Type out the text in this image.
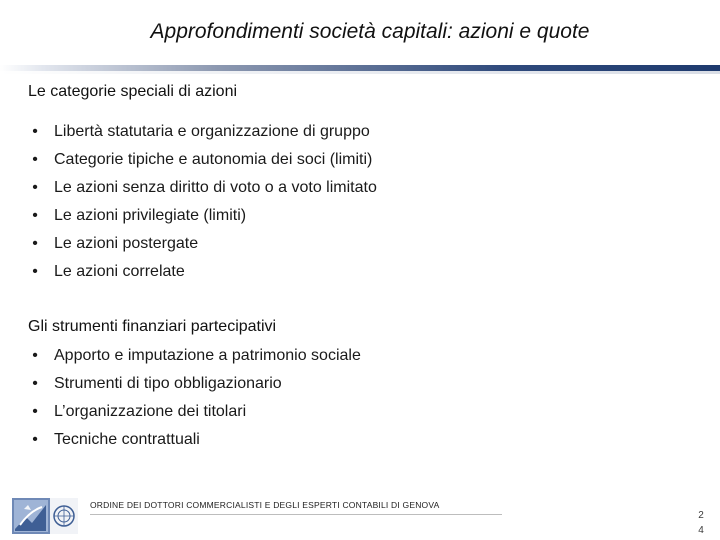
Approfondimenti società capitali: azioni e quote
Le categorie speciali di azioni
• Libertà statutaria e organizzazione di gruppo
• Categorie tipiche e autonomia dei soci (limiti)
• Le azioni senza diritto di voto o a voto limitato
• Le azioni privilegiate (limiti)
• Le azioni postergate
• Le azioni correlate
Gli strumenti finanziari partecipativi
• Apporto e imputazione a patrimonio sociale
• Strumenti di tipo obbligazionario
• L’organizzazione dei titolari
• Tecniche contrattuali
ORDINE DEI DOTTORI COMMERCIALISTI E DEGLI ESPERTI CONTABILI DI GENOVA
2
4
